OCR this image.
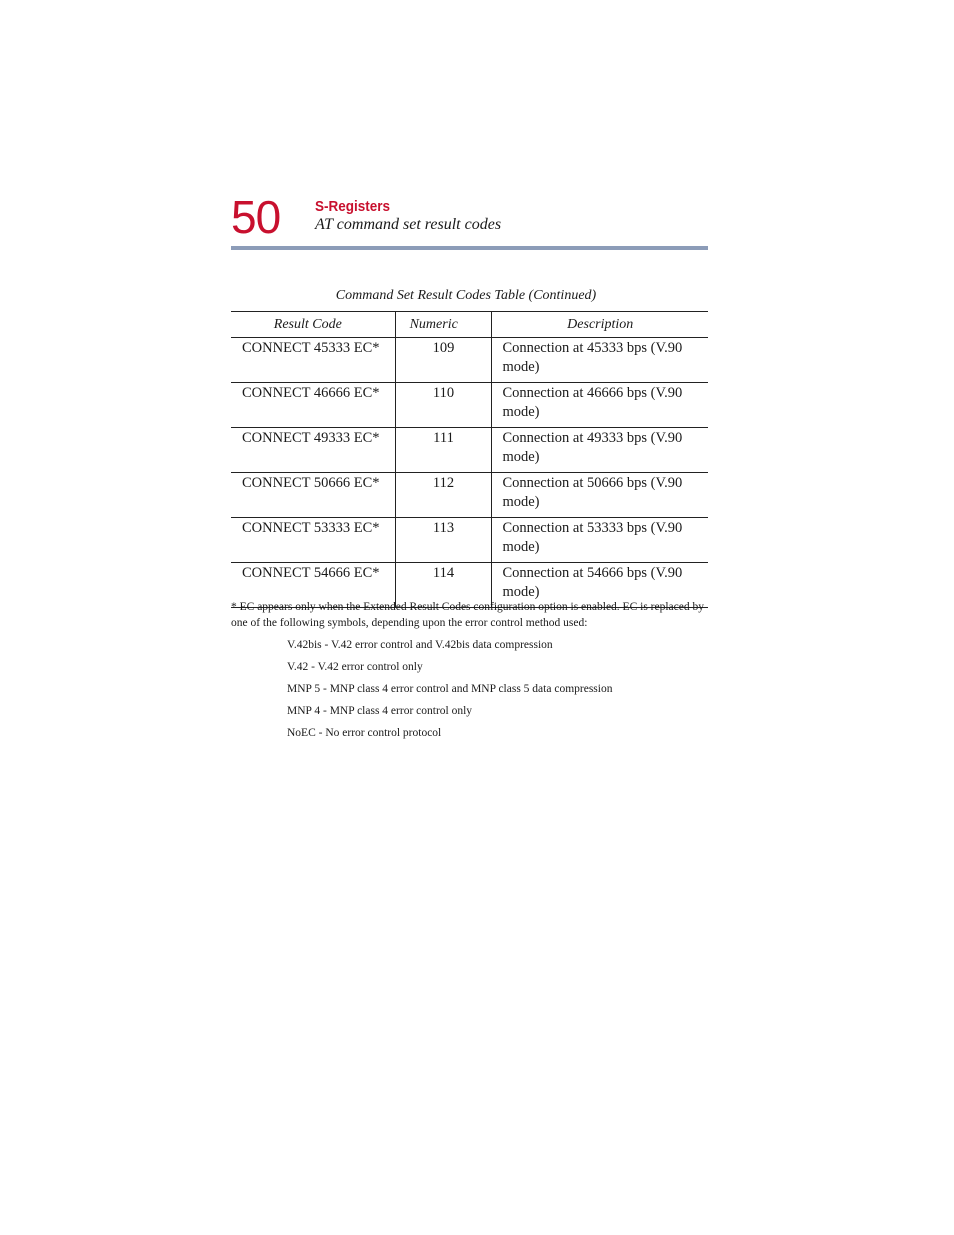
50 S-Registers
AT command set result codes
Command Set Result Codes Table (Continued)
Result Code	Numeric	Description
CONNECT 45333 EC*	109	Connection at 45333 bps (V.90 mode)
CONNECT 46666 EC*	110	Connection at 46666 bps (V.90 mode)
CONNECT 49333 EC*	111	Connection at 49333 bps (V.90 mode)
CONNECT 50666 EC*	112	Connection at 50666 bps (V.90 mode)
CONNECT 53333 EC*	113	Connection at 53333 bps (V.90 mode)
CONNECT 54666 EC*	114	Connection at 54666 bps (V.90 mode)
* EC appears only when the Extended Result Codes configuration option is enabled. EC is replaced by one of the following symbols, depending upon the error control method used:
V.42bis - V.42 error control and V.42bis data compression
V.42 - V.42 error control only
MNP 5 - MNP class 4 error control and MNP class 5 data compression
MNP 4 - MNP class 4 error control only
NoEC - No error control protocol
